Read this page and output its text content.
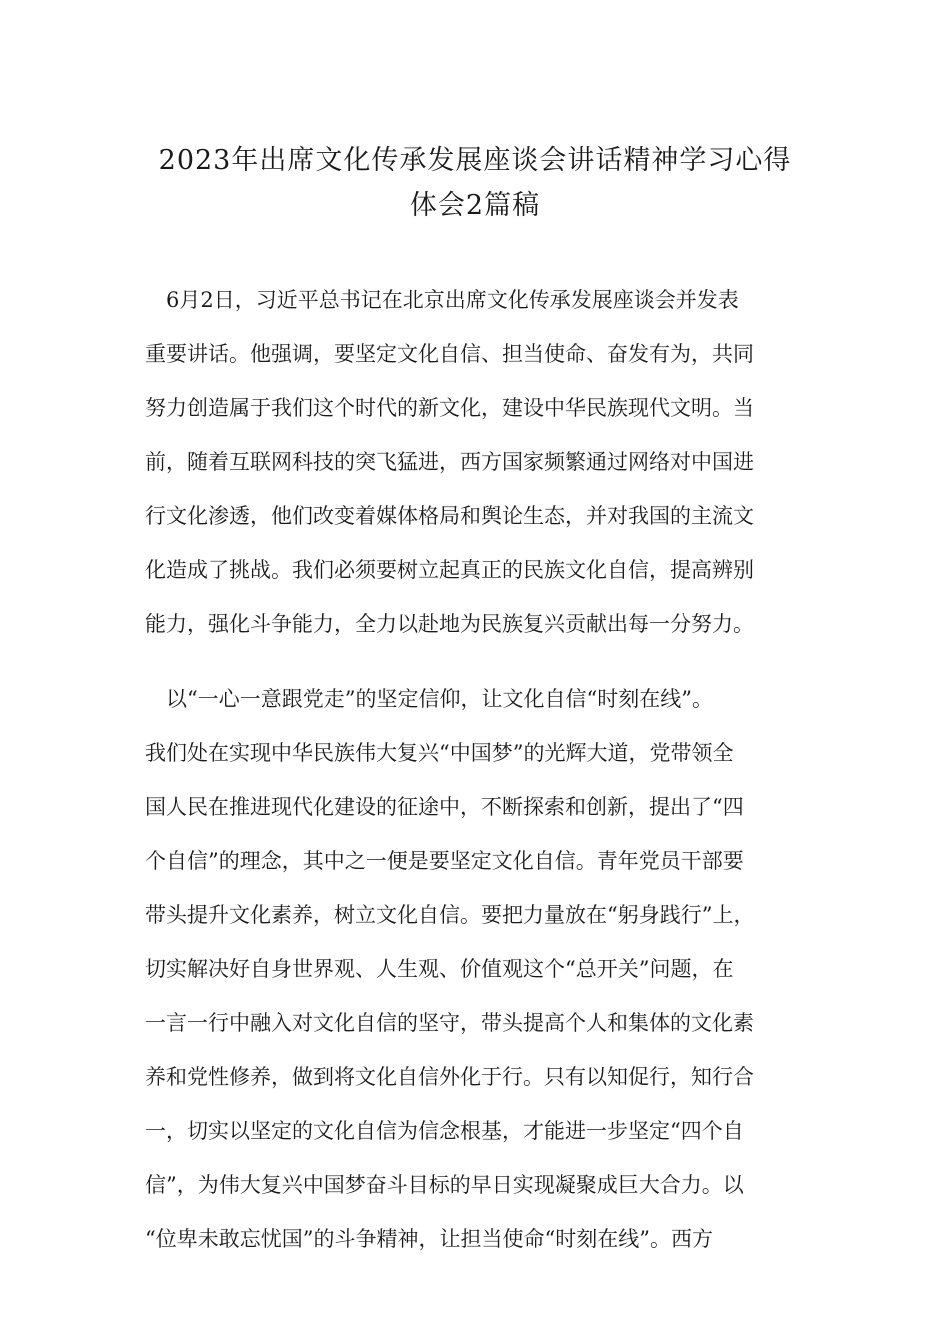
2023年出席文化传承发展座谈会讲话精神学习心得
体会2篇稿

　6月2日，习近平总书记在北京出席文化传承发展座谈会并发表

重要讲话。他强调，要坚定文化自信、担当使命、奋发有为，共同

努力创造属于我们这个时代的新文化，建设中华民族现代文明。当

前，随着互联网科技的突飞猛进，西方国家频繁通过网络对中国进

行文化渗透，他们改变着媒体格局和舆论生态，并对我国的主流文

化造成了挑战。我们必须要树立起真正的民族文化自信，提高辨别

能力，强化斗争能力，全力以赴地为民族复兴贡献出每一分努力。

　以“一心一意跟党走”的坚定信仰，让文化自信“时刻在线”。

我们处在实现中华民族伟大复兴“中国梦”的光辉大道，党带领全

国人民在推进现代化建设的征途中，不断探索和创新，提出了“四

个自信”的理念，其中之一便是要坚定文化自信。青年党员干部要

带头提升文化素养，树立文化自信。要把力量放在“躬身践行”上，

切实解决好自身世界观、人生观、价值观这个“总开关”问题，在

一言一行中融入对文化自信的坚守，带头提高个人和集体的文化素

养和党性修养，做到将文化自信外化于行。只有以知促行，知行合

一，切实以坚定的文化自信为信念根基，才能进一步坚定“四个自

信”，为伟大复兴中国梦奋斗目标的早日实现凝聚成巨大合力。以

“位卑未敢忘忧国”的斗争精神，让担当使命“时刻在线”。西方
